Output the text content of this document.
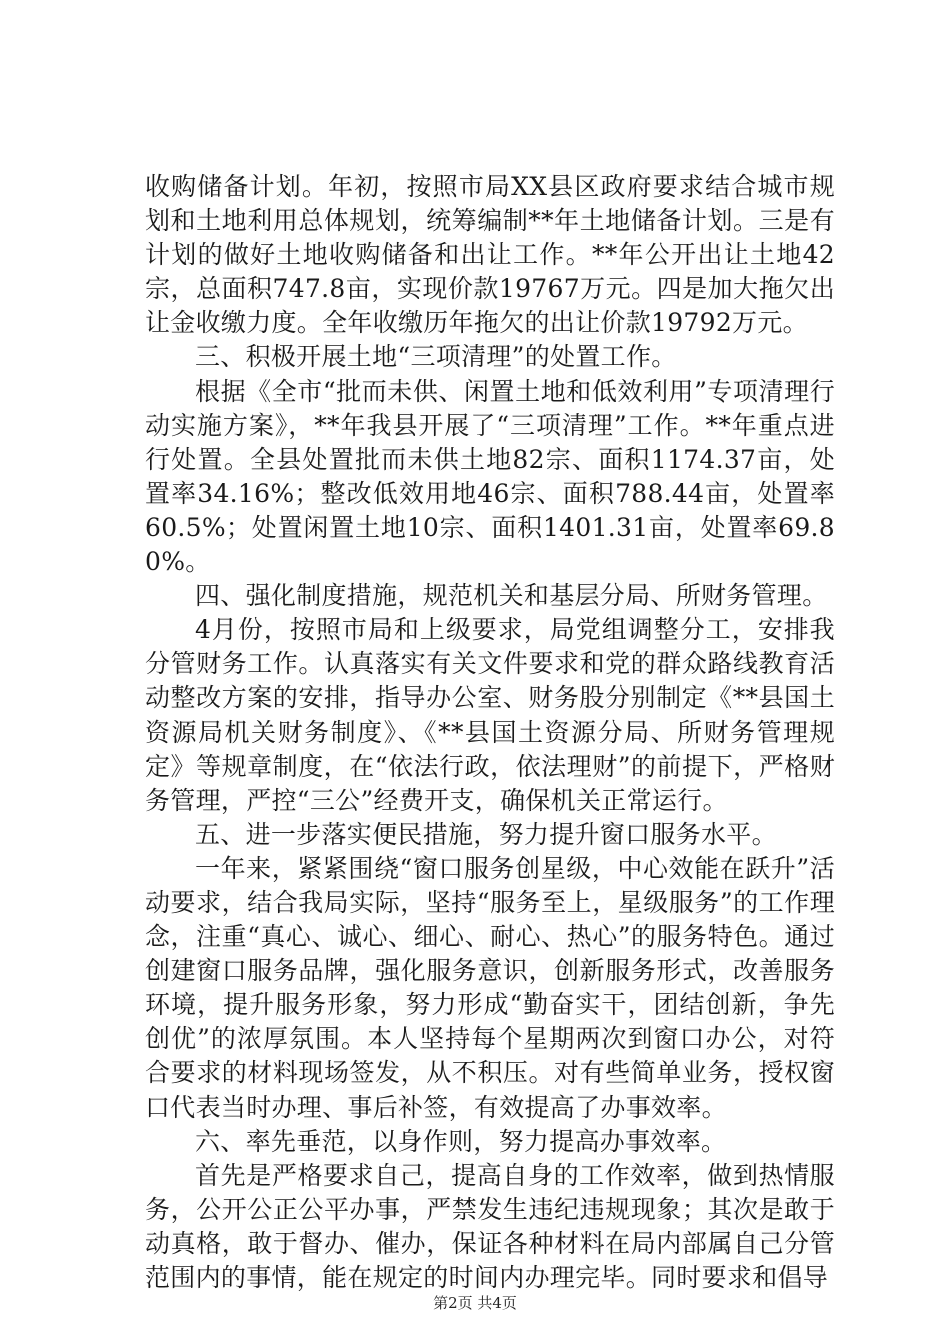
收购储备计划。年初，按照市局XX县区政府要求结合城市规划和土地利用总体规划，统筹编制**年土地储备计划。三是有计划的做好土地收购储备和出让工作。**年公开出让土地42宗，总面积747.8亩，实现价款19767万元。四是加大拖欠出让金收缴力度。全年收缴历年拖欠的出让价款19792万元。

三、积极开展土地“三项清理”的处置工作。

根据《全市“批而未供、闲置土地和低效利用”专项清理行动实施方案》，**年我县开展了“三项清理”工作。**年重点进行处置。全县处置批而未供土地82宗、面积1174.37亩，处置率34.16%；整改低效用地46宗、面积788.44亩，处置率60.5%；处置闲置土地10宗、面积1401.31亩，处置率69.80%。

四、强化制度措施，规范机关和基层分局、所财务管理。

4月份，按照市局和上级要求，局党组调整分工，安排我分管财务工作。认真落实有关文件要求和党的群众路线教育活动整改方案的安排，指导办公室、财务股分别制定《**县国土资源局机关财务制度》、《**县国土资源分局、所财务管理规定》等规章制度，在“依法行政，依法理财”的前提下，严格财务管理，严控“三公”经费开支，确保机关正常运行。

五、进一步落实便民措施，努力提升窗口服务水平。

一年来，紧紧围绕“窗口服务创星级，中心效能在跃升”活动要求，结合我局实际，坚持“服务至上，星级服务”的工作理念，注重“真心、诚心、细心、耐心、热心”的服务特色。通过创建窗口服务品牌，强化服务意识，创新服务形式，改善服务环境，提升服务形象，努力形成“勤奋实干，团结创新，争先创优”的浓厚氛围。本人坚持每个星期两次到窗口办公，对符合要求的材料现场签发，从不积压。对有些简单业务，授权窗口代表当时办理、事后补签，有效提高了办事效率。

六、率先垂范，以身作则，努力提高办事效率。

首先是严格要求自己，提高自身的工作效率，做到热情服务，公开公正公平办事，严禁发生违纪违规现象；其次是敢于动真格，敢于督办、催办，保证各种材料在局内部属自己分管范围内的事情，能在规定的时间内办理完毕。同时要求和倡导

第2页 共4页
